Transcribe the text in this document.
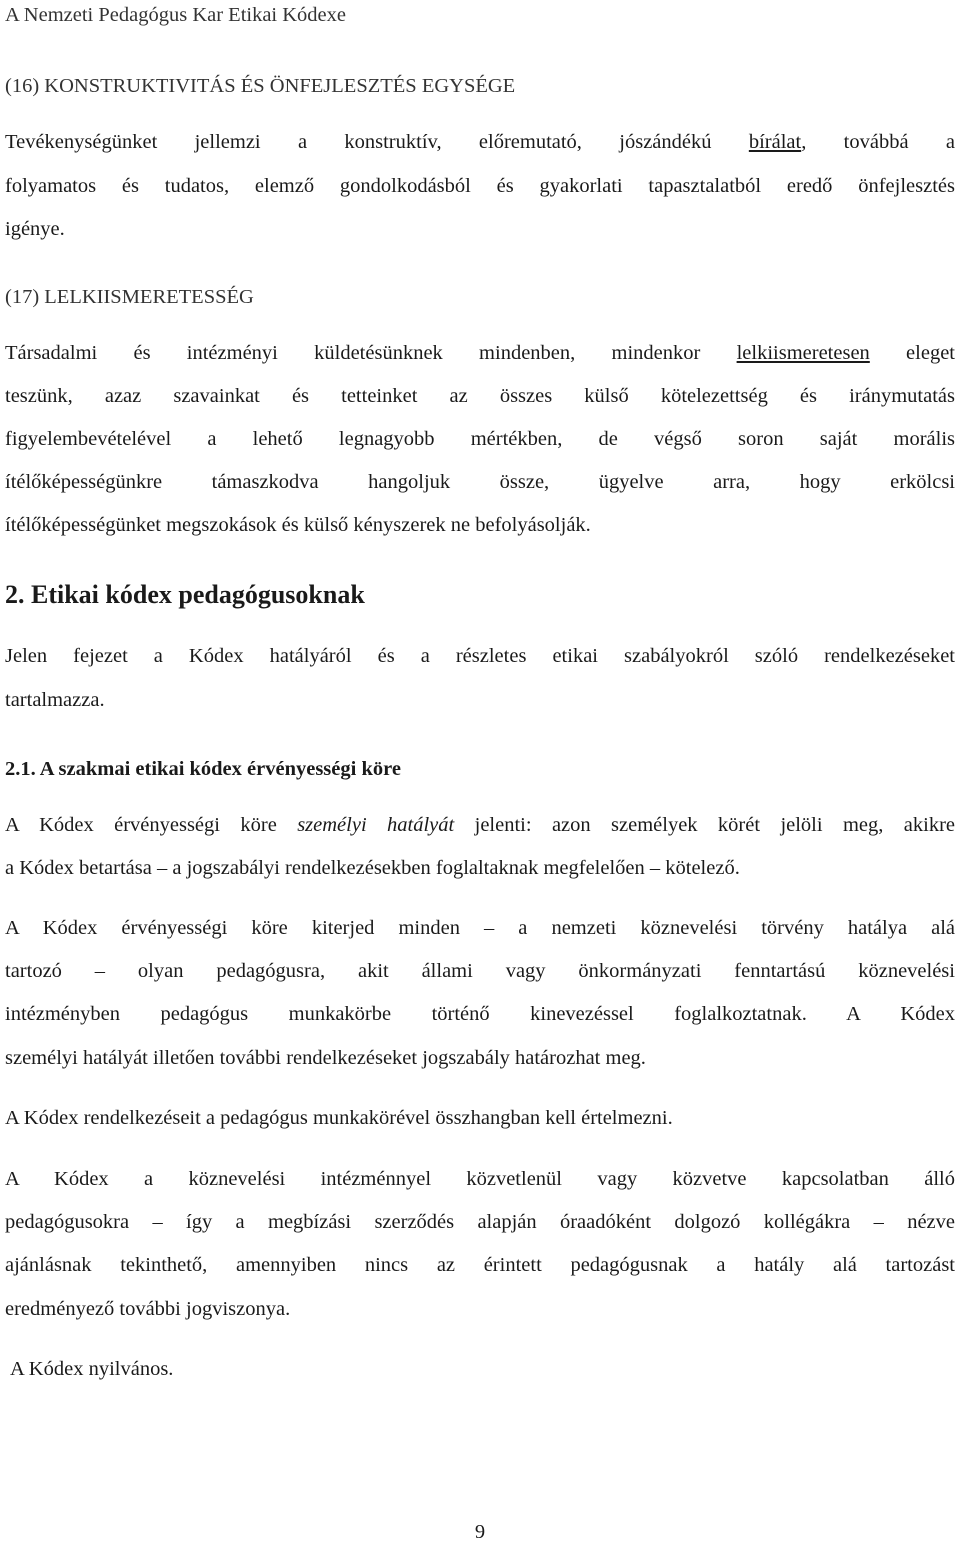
A Nemzeti Pedagógus Kar Etikai Kódexe
(16) KONSTRUKTIVITÁS ÉS ÖNFEJLESZTÉS EGYSÉGE
Tevékenységünket jellemzi a konstruktív, előremutató, jószándékú bírálat, továbbá a
folyamatos és tudatos, elemző gondolkodásból és gyakorlati tapasztalatból eredő önfejlesztés
igénye.
(17) LELKIISMERETESSÉG
Társadalmi és intézményi küldetésünknek mindenben, mindenkor lelkiismeretesen eleget
teszünk, azaz szavainkat és tetteinket az összes külső kötelezettség és iránymutatás
figyelembevételével a lehető legnagyobb mértékben, de végső soron saját morális
ítélőképességünkre támaszkodva hangoljuk össze, ügyelve arra, hogy erkölcsi
ítélőképességünket megszokások és külső kényszerek ne befolyásolják.
2. Etikai kódex pedagógusoknak
Jelen fejezet a Kódex hatályáról és a részletes etikai szabályokról szóló rendelkezéseket
tartalmazza.
2.1. A szakmai etikai kódex érvényességi köre
A Kódex érvényességi köre személyi hatályát jelenti: azon személyek körét jelöli meg, akikre
a Kódex betartása – a jogszabályi rendelkezésekben foglaltaknak megfelelően – kötelező.
A Kódex érvényességi köre kiterjed minden – a nemzeti köznevelési törvény hatálya alá
tartozó – olyan pedagógusra, akit állami vagy önkormányzati fenntartású köznevelési
intézményben pedagógus munkakörbe történő kinevezéssel foglalkoztatnak. A Kódex
személyi hatályát illetően további rendelkezéseket jogszabály határozhat meg.
A Kódex rendelkezéseit a pedagógus munkakörével összhangban kell értelmezni.
A Kódex a köznevelési intézménnyel közvetlenül vagy közvetve kapcsolatban álló
pedagógusokra – így a megbízási szerződés alapján óraadóként dolgozó kollégákra – nézve
ajánlásnak tekinthető, amennyiben nincs az érintett pedagógusnak a hatály alá tartozást
eredményező további jogviszonya.
A Kódex nyilvános.
9
